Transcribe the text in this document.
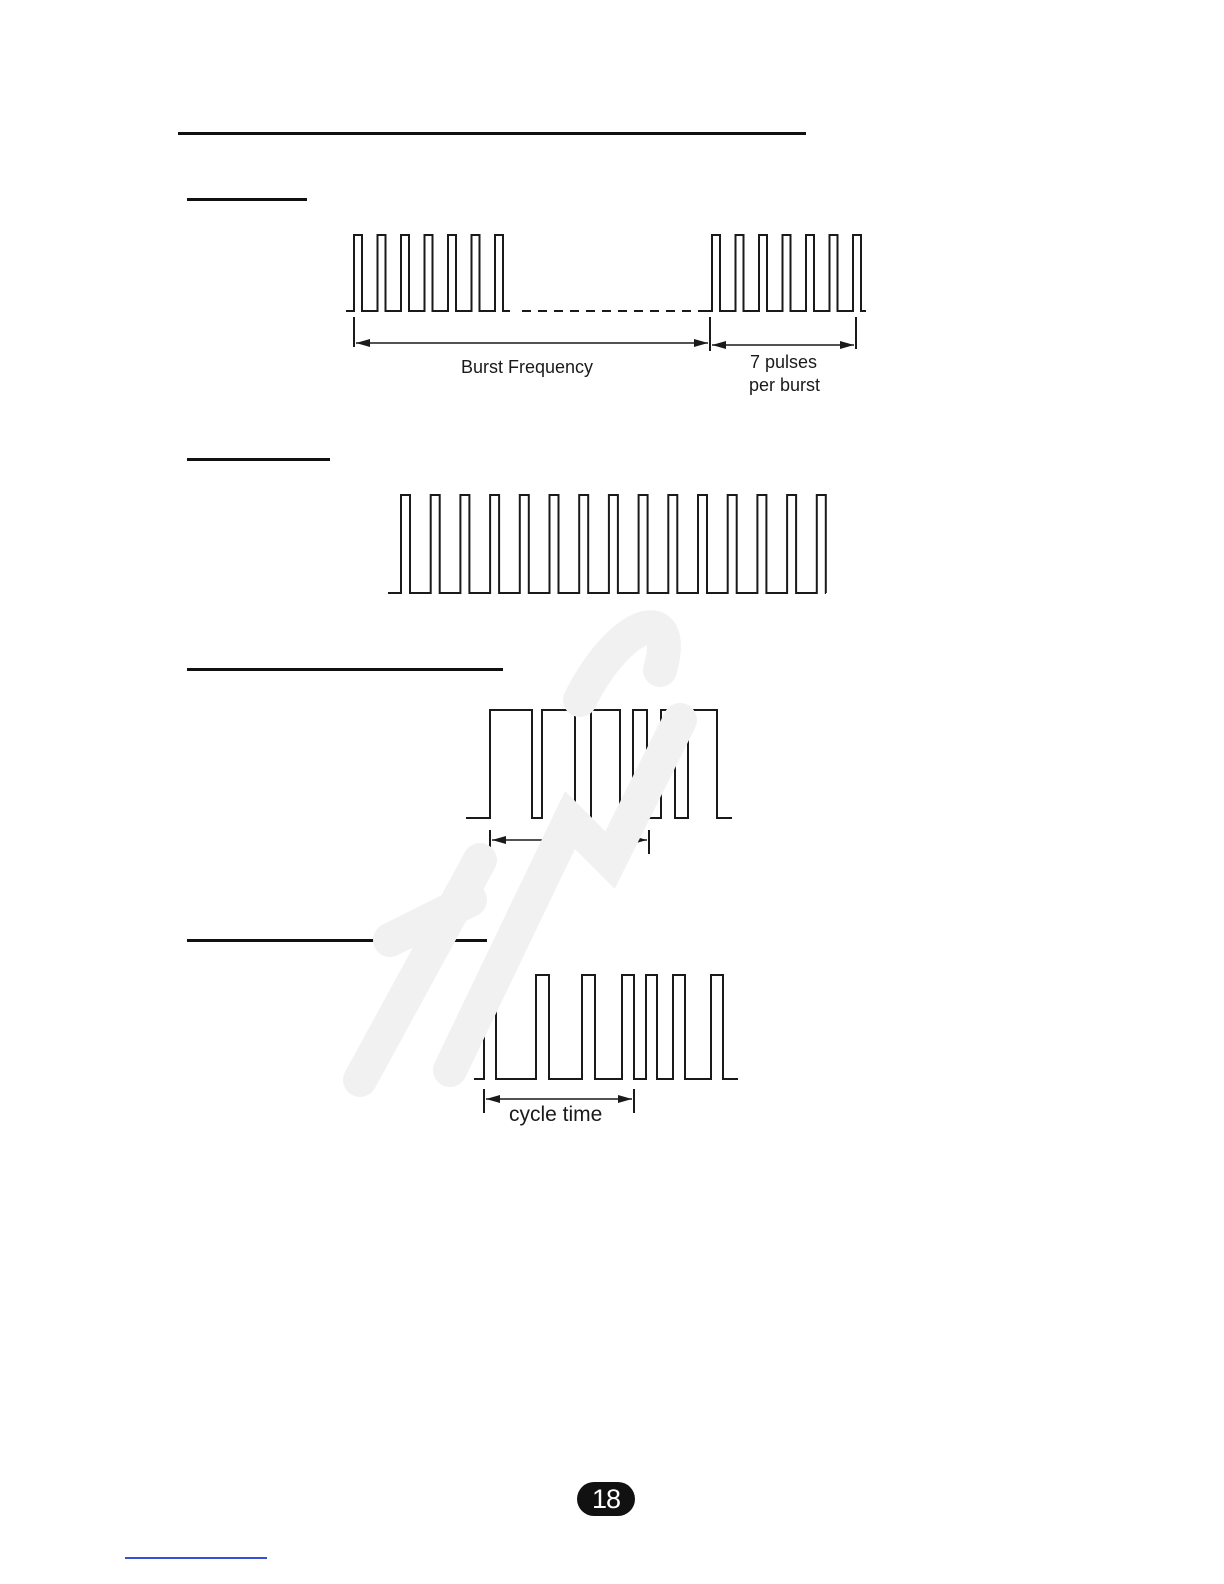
Burst Frequency	7 pulses
per burst
cycle time
18
